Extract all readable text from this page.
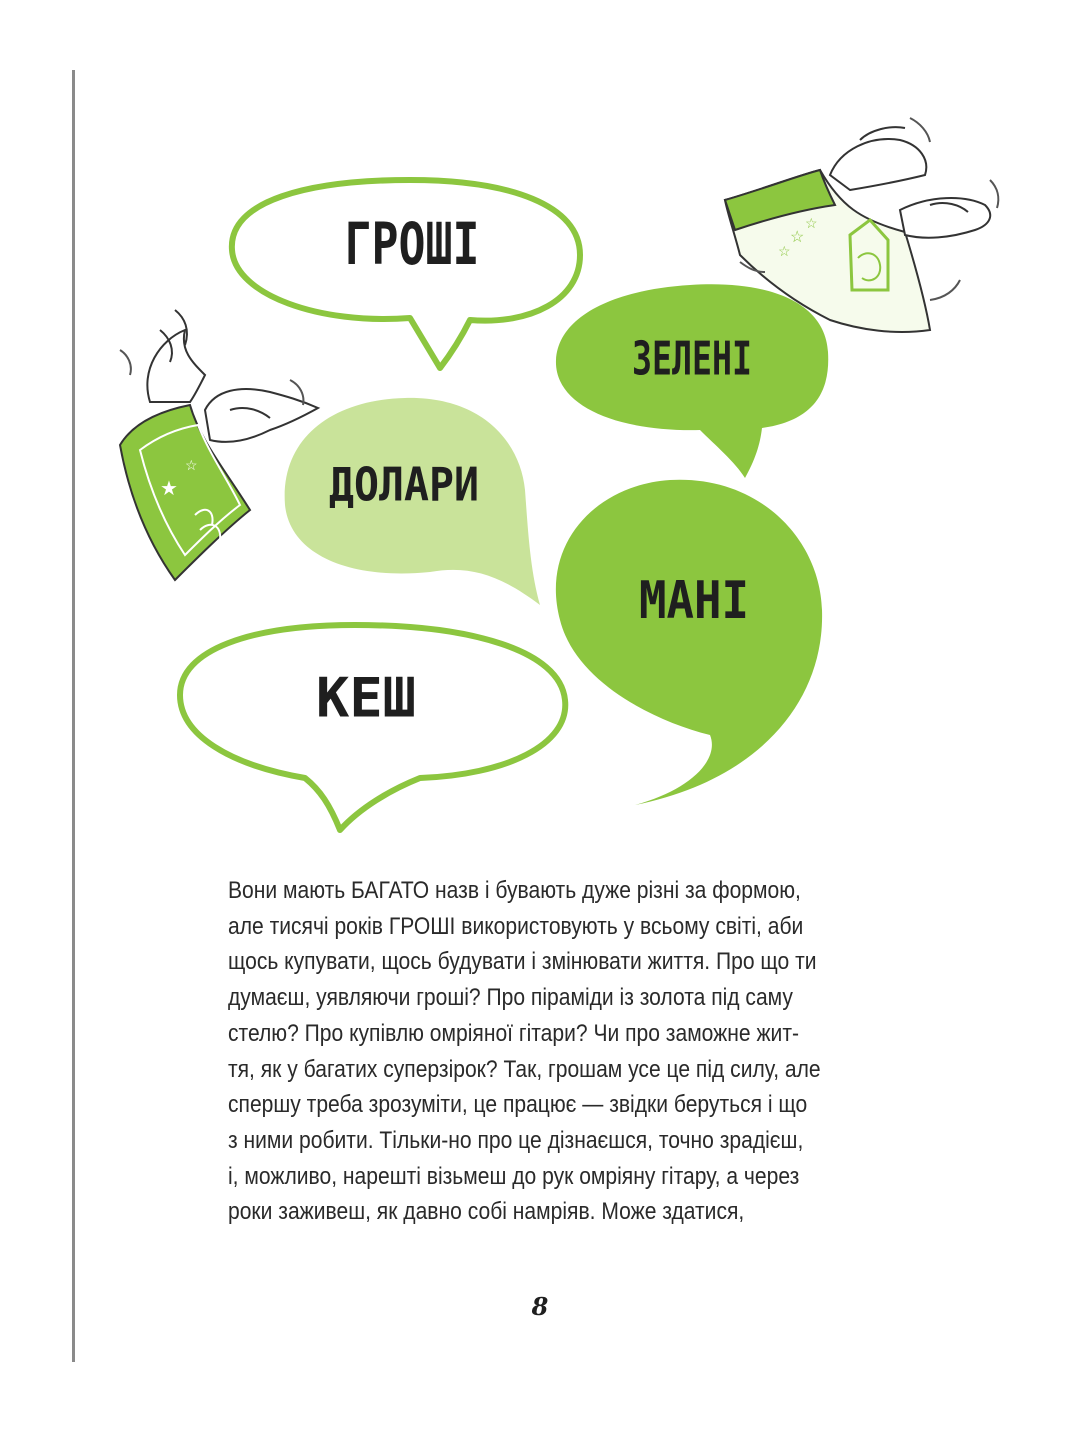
ГРОШІ
ЗЕЛЕНІ
ДОЛАРИ
МАНІ
КЕШ
★
☆
☆
☆
☆
Вони мають БАГАТО назв і бувають дуже різні за формою,
але тисячі років ГРОШІ використовують у всьому світі, аби
щось купувати, щось будувати і змінювати життя. Про що ти
думаєш, уявляючи гроші? Про піраміди із золота під саму
стелю? Про купівлю омріяної гітари? Чи про заможне жит-
тя, як у багатих суперзірок? Так, грошам усе це під силу, але
спершу треба зрозуміти, це працює — звідки беруться і що
з ними робити. Тільки-но про це дізнаєшся, точно зрадієш,
і, можливо, нарешті візьмеш до рук омріяну гітару, а через
роки заживеш, як давно собі намріяв. Може здатися,
8
